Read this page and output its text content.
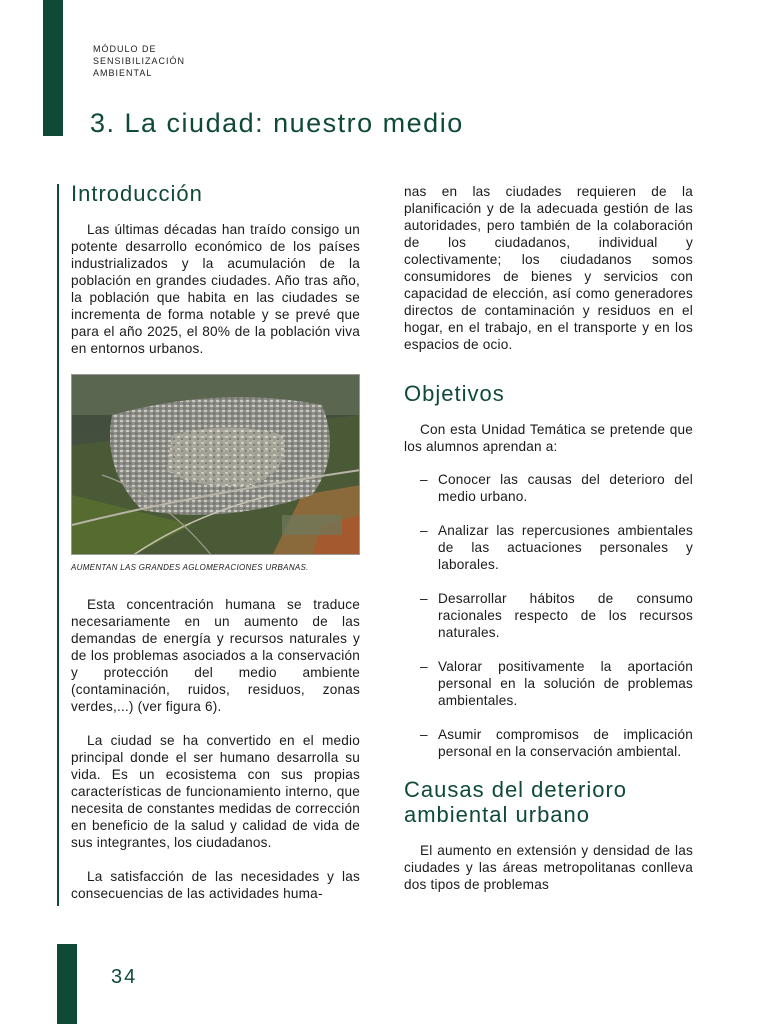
MÓDULO DE
SENSIBILIZACIÓN
AMBIENTAL
3. La ciudad: nuestro medio
Introducción

Las últimas décadas han traído consigo un potente desarrollo económico de los países industrializados y la acumulación de la población en grandes ciudades. Año tras año, la población que habita en las ciudades se incrementa de forma notable y se prevé que para el año 2025, el 80% de la población viva en entornos urbanos.

AUMENTAN LAS GRANDES AGLOMERACIONES URBANAS.

Esta concentración humana se traduce necesariamente en un aumento de las demandas de energía y recursos naturales y de los problemas asociados a la conservación y protección del medio ambiente (contaminación, ruidos, residuos, zonas verdes,...) (ver figura 6).

La ciudad se ha convertido en el medio principal donde el ser humano desarrolla su vida. Es un ecosistema con sus propias características de funcionamiento interno, que necesita de constantes medidas de corrección en beneficio de la salud y calidad de vida de sus integrantes, los ciudadanos.

La satisfacción de las necesidades y las consecuencias de las actividades huma-

nas en las ciudades requieren de la planificación y de la adecuada gestión de las autoridades, pero también de la colaboración de los ciudadanos, individual y colectivamente; los ciudadanos somos consumidores de bienes y servicios con capacidad de elección, así como generadores directos de contaminación y residuos en el hogar, en el trabajo, en el transporte y en los espacios de ocio.

Objetivos

Con esta Unidad Temática se pretende que los alumnos aprendan a:

– Conocer las causas del deterioro del medio urbano.
– Analizar las repercusiones ambientales de las actuaciones personales y laborales.
– Desarrollar hábitos de consumo racionales respecto de los recursos naturales.
– Valorar positivamente la aportación personal en la solución de problemas ambientales.
– Asumir compromisos de implicación personal en la conservación ambiental.
Causas del deterioro
ambiental urbano

El aumento en extensión y densidad de las ciudades y las áreas metropolitanas conlleva dos tipos de problemas

34
